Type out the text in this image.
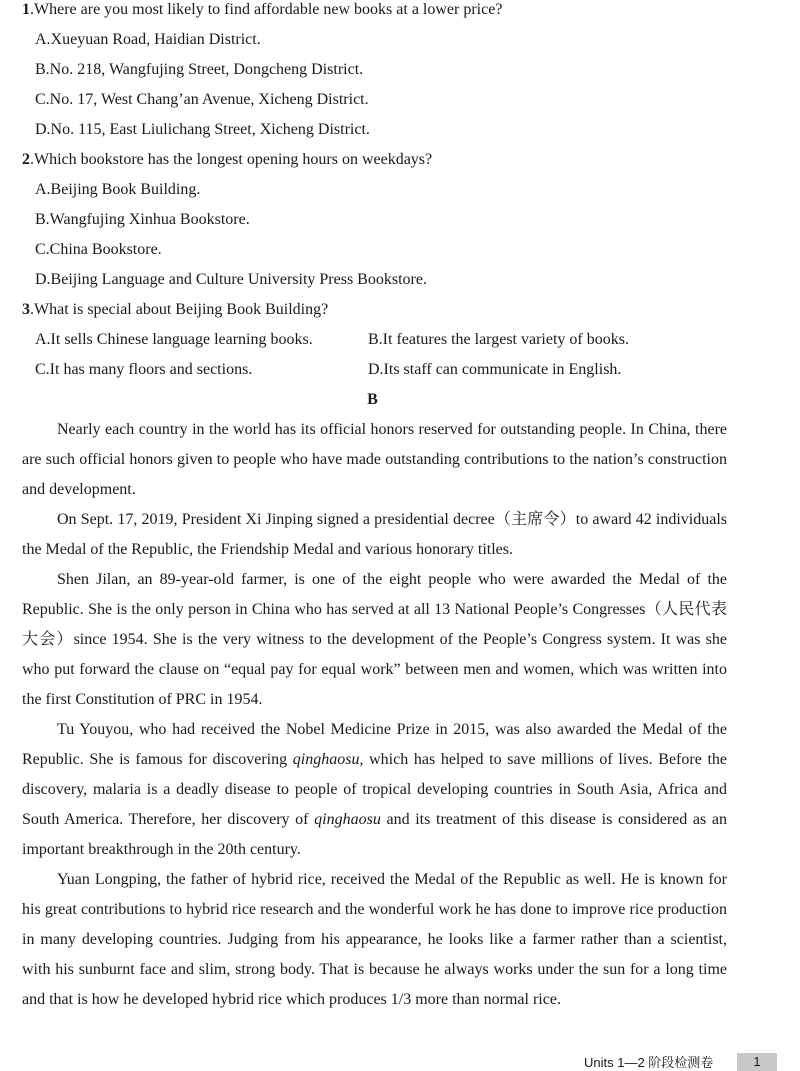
1.Where are you most likely to find affordable new books at a lower price?
A.Xueyuan Road, Haidian District.
B.No. 218, Wangfujing Street, Dongcheng District.
C.No. 17, West Chang’an Avenue, Xicheng District.
D.No. 115, East Liulichang Street, Xicheng District.
2.Which bookstore has the longest opening hours on weekdays?
A.Beijing Book Building.
B.Wangfujing Xinhua Bookstore.
C.China Bookstore.
D.Beijing Language and Culture University Press Bookstore.
3.What is special about Beijing Book Building?
A.It sells Chinese language learning books.	B.It features the largest variety of books.
C.It has many floors and sections.	D.Its staff can communicate in English.
B
Nearly each country in the world has its official honors reserved for outstanding people. In China, there are such official honors given to people who have made outstanding contributions to the nation’s construction and development.
On Sept. 17, 2019, President Xi Jinping signed a presidential decree（主席令）to award 42 individuals the Medal of the Republic, the Friendship Medal and various honorary titles.
Shen Jilan, an 89-year-old farmer, is one of the eight people who were awarded the Medal of the Republic. She is the only person in China who has served at all 13 National People’s Congresses（人民代表大会）since 1954. She is the very witness to the development of the People’s Congress system. It was she who put forward the clause on “equal pay for equal work” between men and women, which was written into the first Constitution of PRC in 1954.
Tu Youyou, who had received the Nobel Medicine Prize in 2015, was also awarded the Medal of the Republic. She is famous for discovering qinghaosu, which has helped to save millions of lives. Before the discovery, malaria is a deadly disease to people of tropical developing countries in South Asia, Africa and South America. Therefore, her discovery of qinghaosu and its treatment of this disease is considered as an important breakthrough in the 20th century.
Yuan Longping, the father of hybrid rice, received the Medal of the Republic as well. He is known for his great contributions to hybrid rice research and the wonderful work he has done to improve rice production in many developing countries. Judging from his appearance, he looks like a farmer rather than a scientist, with his sunburnt face and slim, strong body. That is because he always works under the sun for a long time and that is how he developed hybrid rice which produces 1/3 more than normal rice.
Units 1—2 阶段检测卷	1
